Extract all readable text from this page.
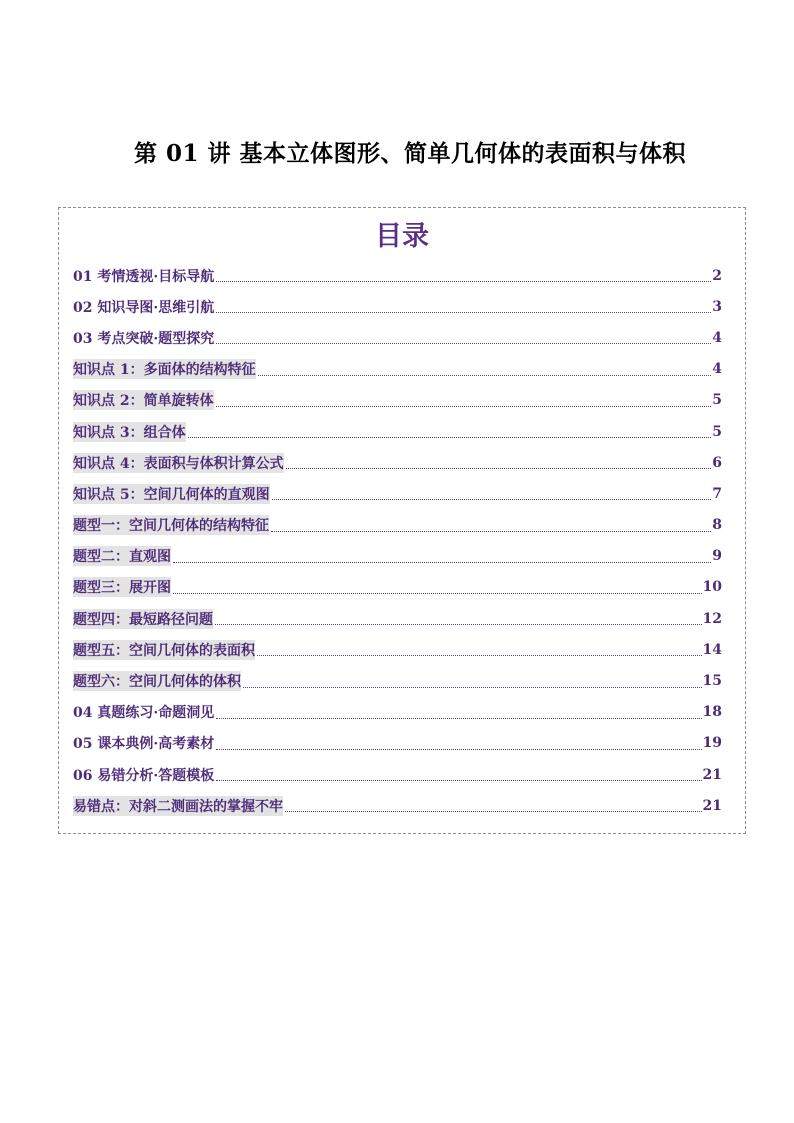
第 01 讲 基本立体图形、简单几何体的表面积与体积
目录
01 考情透视·目标导航	2
02 知识导图·思维引航	3
03 考点突破·题型探究	4
知识点 1：多面体的结构特征	4
知识点 2：简单旋转体	5
知识点 3：组合体	5
知识点 4：表面积与体积计算公式	6
知识点 5：空间几何体的直观图	7
题型一：空间几何体的结构特征	8
题型二：直观图	9
题型三：展开图	10
题型四：最短路径问题	12
题型五：空间几何体的表面积	14
题型六：空间几何体的体积	15
04 真题练习·命题洞见	18
05 课本典例·高考素材	19
06 易错分析·答题模板	21
易错点：对斜二测画法的掌握不牢	21
